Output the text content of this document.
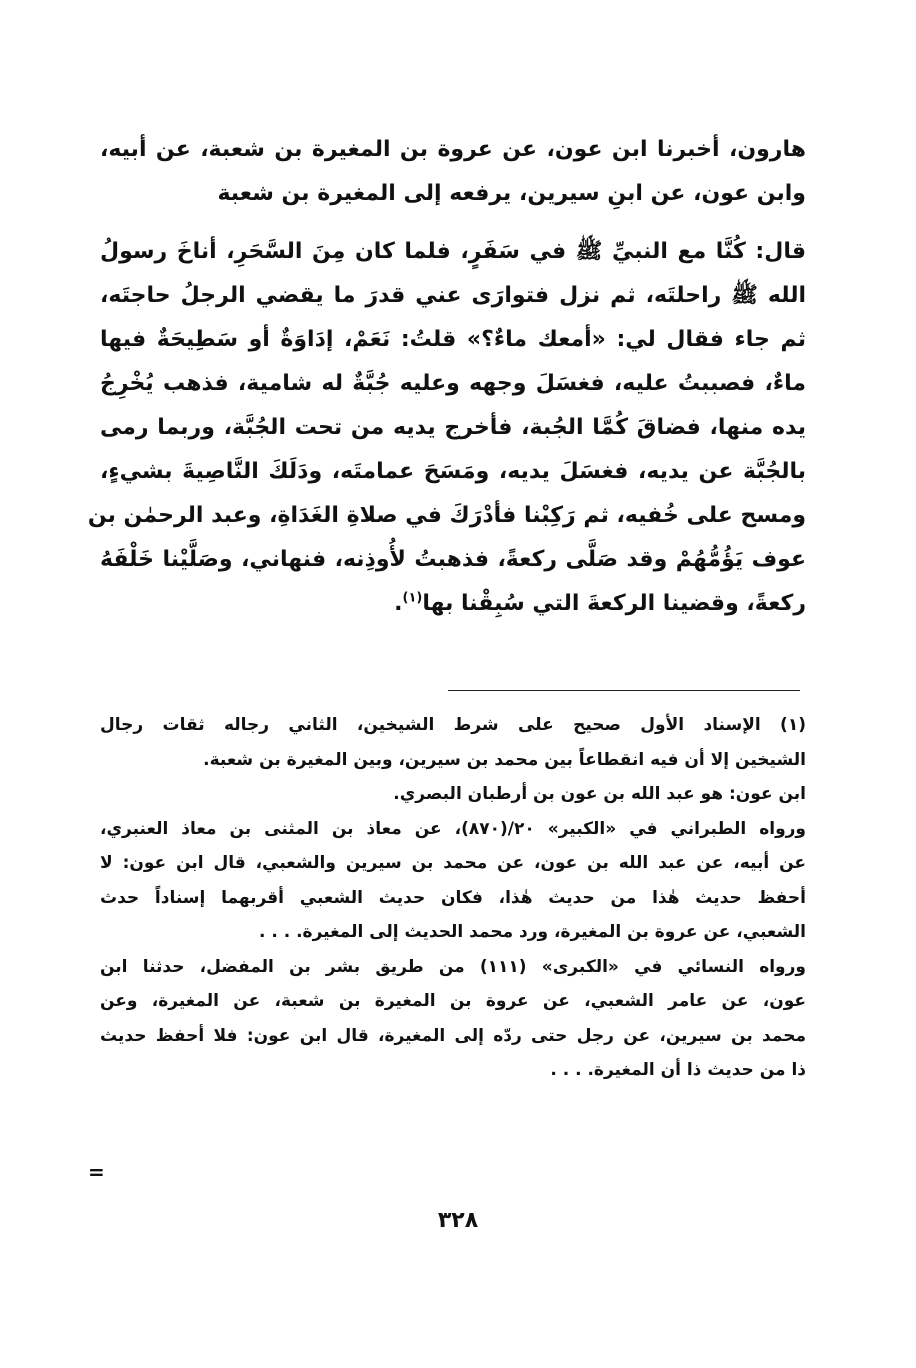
هارون، أخبرنا ابن عون، عن عروة بن المغيرة بن شعبة، عن أبيه،
وابن عون، عن ابنِ سيرين، يرفعه إلى المغيرة بن شعبة
قال: كُنَّا مع النبيِّ ﷺ في سَفَرٍ، فلما كان مِنَ السَّحَرِ، أناخَ رسولُ
الله ﷺ راحلتَه، ثم نزل فتوارَى عني قدرَ ما يقضي الرجلُ حاجتَه،
ثم جاء فقال لي: «أمعك ماءٌ؟» قلتُ: نَعَمْ، إدَاوَةٌ أو سَطِيحَةٌ فيها
ماءٌ، فصببتُ عليه، فغسَلَ وجهه وعليه جُبَّةٌ له شامية، فذهب يُخْرِجُ
يده منها، فضاقَ كُمَّا الجُبة، فأخرج يديه من تحت الجُبَّة، وربما رمى
بالجُبَّة عن يديه، فغسَلَ يديه، ومَسَحَ عمامتَه، ودَلَكَ النَّاصِيةَ بشيءٍ،
ومسح على خُفيه، ثم رَكِبْنا فأدْرَكَ في صلاةِ الغَدَاةِ، وعبد الرحمٰن بن
عوف يَؤُمُّهُمْ وقد صَلَّى ركعةً، فذهبتُ لأُوذِنه، فنهاني، وصَلَّيْنا خَلْفَهُ
ركعةً، وقضينا الركعةَ التي سُبِقْنا بها$^{(١)}$.
(١) الإسناد الأول صحيح على شرط الشيخين، الثاني رجاله ثقات رجال
الشيخين إلا أن فيه انقطاعاً بين محمد بن سيرين، وبين المغيرة بن شعبة.
ابن عون: هو عبد الله بن عون بن أرطبان البصري.
ورواه الطبراني في «الكبير» ٢٠/(٨٧٠)، عن معاذ بن المثنى بن معاذ العنبري،
عن أبيه، عن عبد الله بن عون، عن محمد بن سيرين والشعبي، قال ابن عون: لا
أحفظ حديث هٰذا من حديث هٰذا، فكان حديث الشعبي أقربهما إسناداً حدث
الشعبي، عن عروة بن المغيرة، ورد محمد الحديث إلى المغيرة. . . .
ورواه النسائي في «الكبرى» (١١١) من طريق بشر بن المفضل، حدثنا ابن
عون، عن عامر الشعبي، عن عروة بن المغيرة بن شعبة، عن المغيرة، وعن
محمد بن سيرين، عن رجل حتى ردّه إلى المغيرة، قال ابن عون: فلا أحفظ حديث
ذا من حديث ذا أن المغيرة. . . .
=
٣٢٨
